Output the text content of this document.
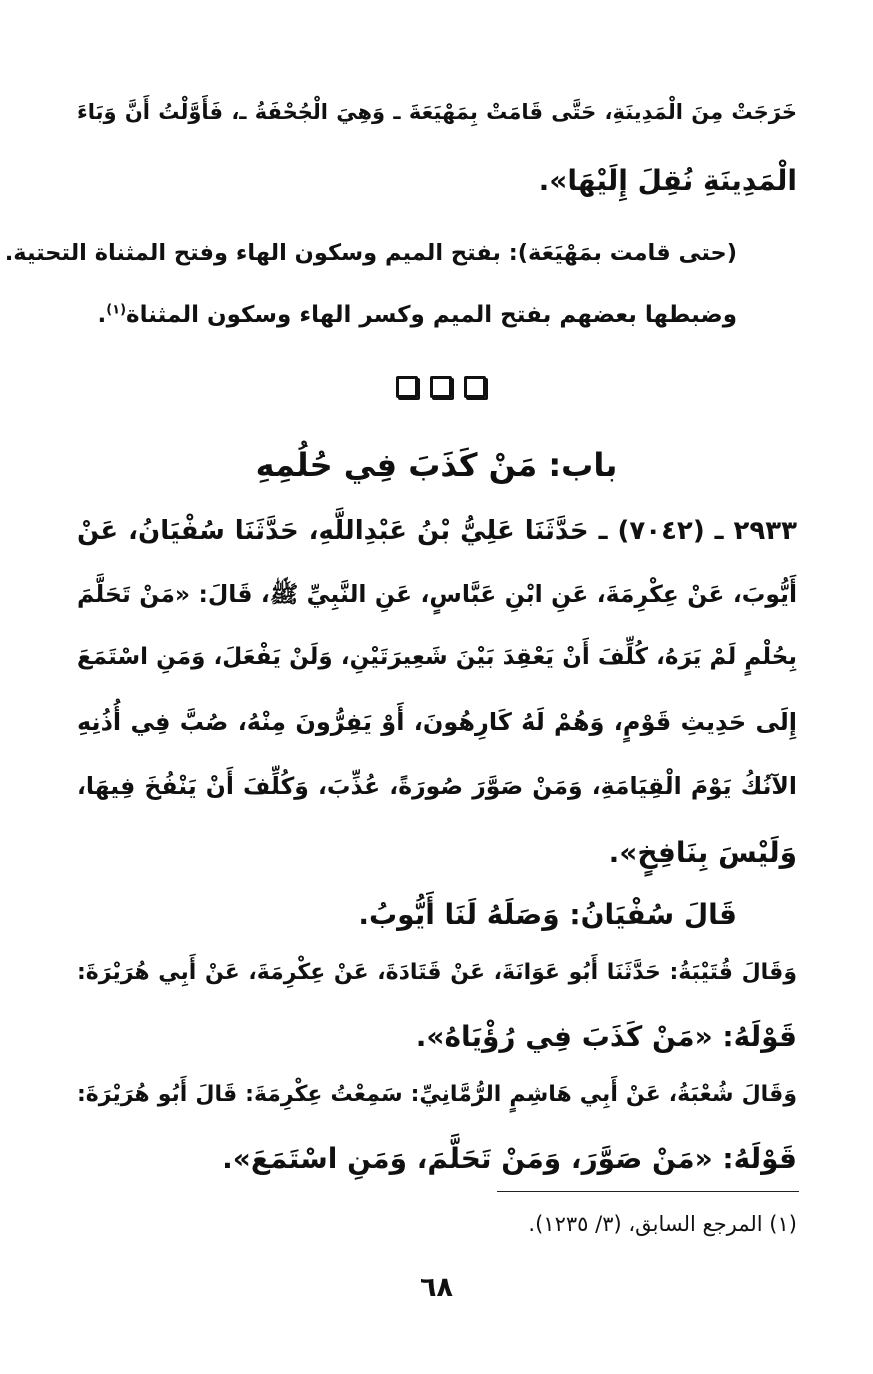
خَرَجَتْ مِنَ الْمَدِينَةِ، حَتَّى قَامَتْ بِمَهْيَعَةَ ـ وَهِيَ الْجُحْفَةُ ـ، فَأَوَّلْتُ أَنَّ وَبَاءَ
الْمَدِينَةِ نُقِلَ إِلَيْهَا».
(حتى قامت بمَهْيَعَة): بفتح الميم وسكون الهاء وفتح المثناة التحتية.
وضبطها بعضهم بفتح الميم وكسر الهاء وسكون المثناة$^{(١)}$.
باب: مَنْ كَذَبَ فِي حُلُمِهِ
٢٩٣٣ ـ (٧٠٤٢) ـ حَدَّثَنَا عَلِيُّ بْنُ عَبْدِاللَّهِ، حَدَّثَنَا سُفْيَانُ، عَنْ
أَيُّوبَ، عَنْ عِكْرِمَةَ، عَنِ ابْنِ عَبَّاسٍ، عَنِ النَّبِيِّ ﷺ، قَالَ: «مَنْ تَحَلَّمَ
بِحُلْمٍ لَمْ يَرَهُ، كُلِّفَ أَنْ يَعْقِدَ بَيْنَ شَعِيرَتَيْنِ، وَلَنْ يَفْعَلَ، وَمَنِ اسْتَمَعَ
إِلَى حَدِيثِ قَوْمٍ، وَهُمْ لَهُ كَارِهُونَ، أَوْ يَفِرُّونَ مِنْهُ، صُبَّ فِي أُذُنِهِ
الآنُكُ يَوْمَ الْقِيَامَةِ، وَمَنْ صَوَّرَ صُورَةً، عُذِّبَ، وَكُلِّفَ أَنْ يَنْفُخَ فِيهَا،
وَلَيْسَ بِنَافِخٍ».
قَالَ سُفْيَانُ: وَصَلَهُ لَنَا أَيُّوبُ.
وَقَالَ قُتَيْبَةُ: حَدَّثَنَا أَبُو عَوَانَةَ، عَنْ قَتَادَةَ، عَنْ عِكْرِمَةَ، عَنْ أَبِي هُرَيْرَةَ:
قَوْلَهُ: «مَنْ كَذَبَ فِي رُؤْيَاهُ».
وَقَالَ شُعْبَةُ، عَنْ أَبِي هَاشِمٍ الرُّمَّانِيِّ: سَمِعْتُ عِكْرِمَةَ: قَالَ أَبُو هُرَيْرَةَ:
قَوْلَهُ: «مَنْ صَوَّرَ، وَمَنْ تَحَلَّمَ، وَمَنِ اسْتَمَعَ».
(١) المرجع السابق، (٣/ ١٢٣٥).
٦٨
